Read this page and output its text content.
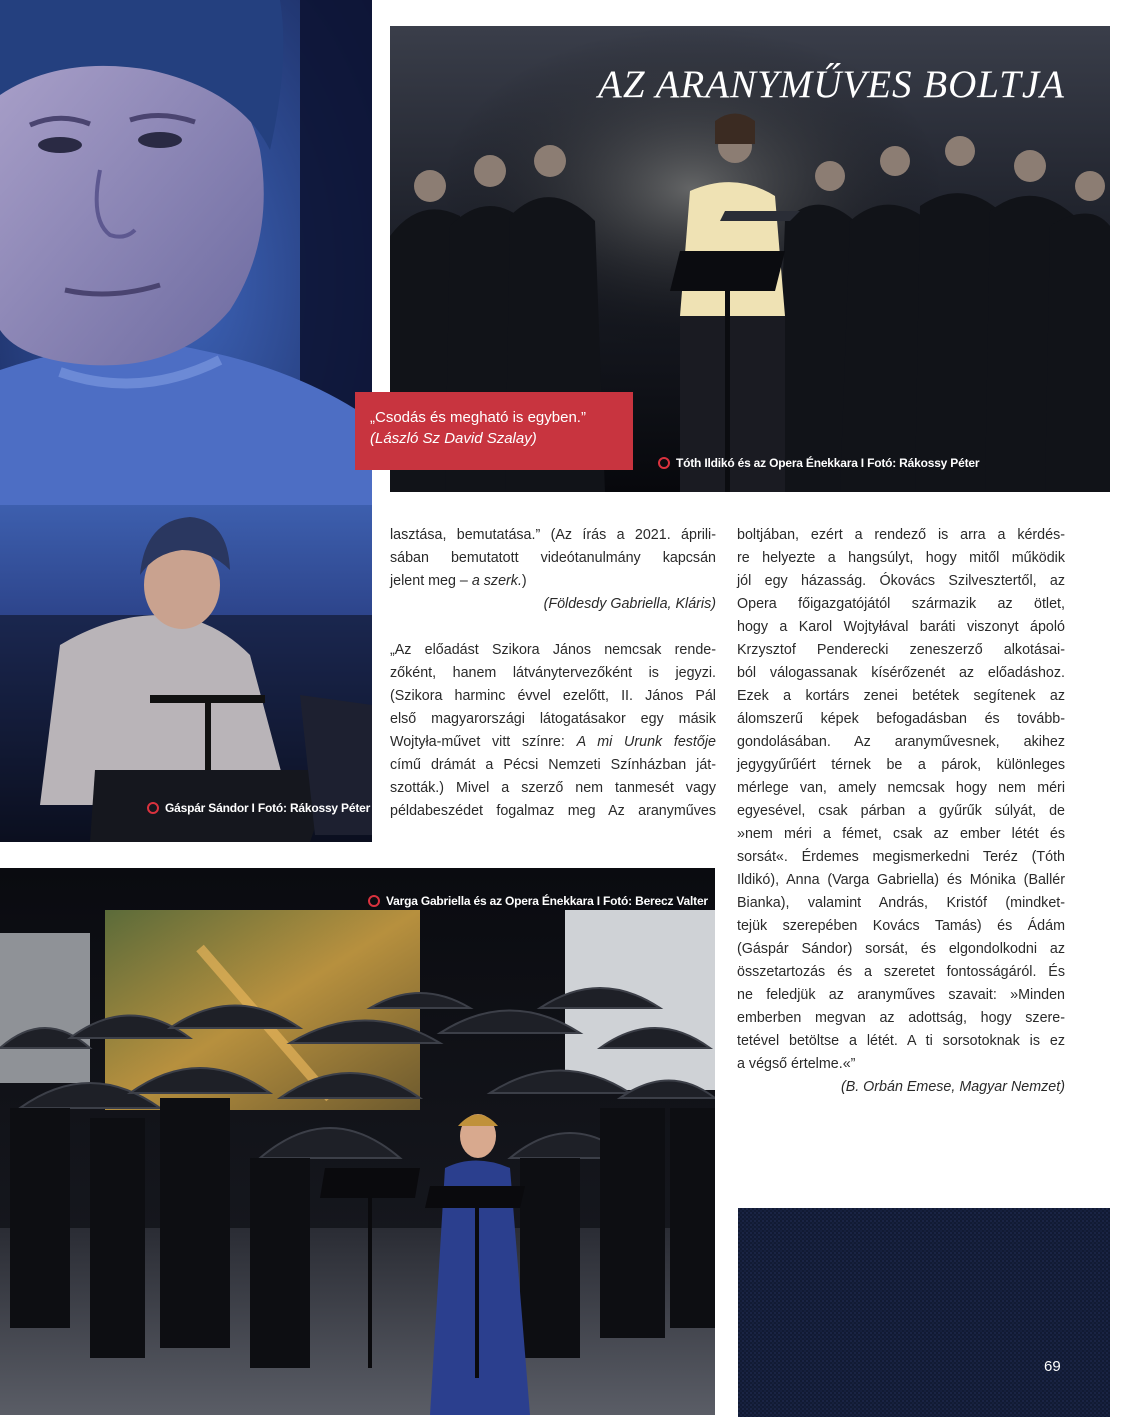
Gáspár Sándor I Fotó: Rákossy Péter
AZ ARANYMŰVES BOLTJA
Tóth Ildikó és az Opera Énekkara I Fotó: Rákossy Péter
„Csodás és megható is egyben.”
(László Sz David Szalay)

lasztása, bemutatása.” (Az írás a 2021. áprili-
sában bemutatott videótanulmány kapcsán
jelent meg – a szerk.)
(Földesdy Gabriella, Kláris)

„Az előadást Szikora János nemcsak rende-
zőként, hanem látványtervezőként is jegyzi.
(Szikora harminc évvel ezelőtt, II. János Pál
első magyarországi látogatásakor egy másik
Wojtyła-művet vitt színre: A mi Urunk festője
című drámát a Pécsi Nemzeti Színházban ját-
szották.) Mivel a szerző nem tanmesét vagy
példabeszédet fogalmaz meg Az aranyműves

boltjában, ezért a rendező is arra a kérdés-
re helyezte a hangsúlyt, hogy mitől működik
jól egy házasság. Ókovács Szilvesztertől, az
Opera főigazgatójától származik az ötlet,
hogy a Karol Wojtyłával baráti viszonyt ápoló
Krzysztof Penderecki zeneszerző alkotásai-
ból válogassanak kísérőzenét az előadáshoz.
Ezek a kortárs zenei betétek segítenek az
álomszerű képek befogadásban és tovább-
gondolásában. Az aranyművesnek, akihez
jegygyűrűért térnek be a párok, különleges
mérlege van, amely nemcsak hogy nem méri
egyesével, csak párban a gyűrűk súlyát, de
»nem méri a fémet, csak az ember létét és
sorsát«. Érdemes megismerkedni Teréz (Tóth
Ildikó), Anna (Varga Gabriella) és Mónika (Ballér
Bianka), valamint András, Kristóf (mindket-
tejük szerepében Kovács Tamás) és Ádám
(Gáspár Sándor) sorsát, és elgondolkodni az
összetartozás és a szeretet fontosságáról. És
ne feledjük az aranyműves szavait: »Minden
emberben megvan az adottság, hogy szere-
tetével betöltse a létét. A ti sorsotoknak is ez
a végső értelme.«”

(B. Orbán Emese, Magyar Nemzet)
Varga Gabriella és az Opera Énekkara I Fotó: Berecz Valter
69
